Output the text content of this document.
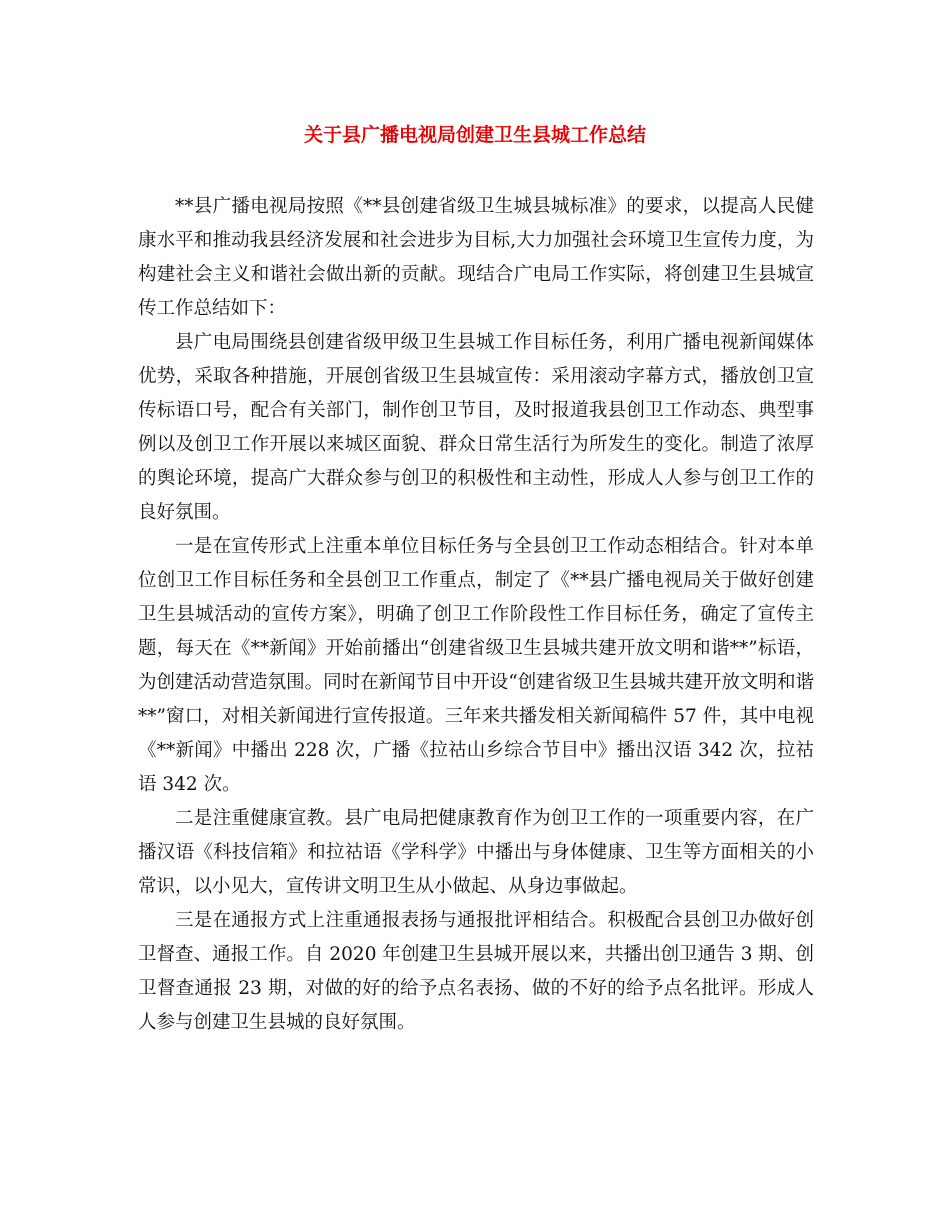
关于县广播电视局创建卫生县城工作总结

**县广播电视局按照《**县创建省级卫生城县城标准》的要求，以提高人民健康水平和推动我县经济发展和社会进步为目标,大力加强社会环境卫生宣传力度，为构建社会主义和谐社会做出新的贡献。现结合广电局工作实际，将创建卫生县城宣传工作总结如下：

县广电局围绕县创建省级甲级卫生县城工作目标任务，利用广播电视新闻媒体优势，采取各种措施，开展创省级卫生县城宣传：采用滚动字幕方式，播放创卫宣传标语口号，配合有关部门，制作创卫节目，及时报道我县创卫工作动态、典型事例以及创卫工作开展以来城区面貌、群众日常生活行为所发生的变化。制造了浓厚的舆论环境，提高广大群众参与创卫的积极性和主动性，形成人人参与创卫工作的良好氛围。

一是在宣传形式上注重本单位目标任务与全县创卫工作动态相结合。针对本单位创卫工作目标任务和全县创卫工作重点，制定了《**县广播电视局关于做好创建卫生县城活动的宣传方案》，明确了创卫工作阶段性工作目标任务，确定了宣传主题，每天在《**新闻》开始前播出“创建省级卫生县城共建开放文明和谐**”标语，为创建活动营造氛围。同时在新闻节目中开设“创建省级卫生县城共建开放文明和谐**”窗口，对相关新闻进行宣传报道。三年来共播发相关新闻稿件 57 件，其中电视《**新闻》中播出 228 次，广播《拉祜山乡综合节目中》播出汉语 342 次，拉祜语 342 次。

二是注重健康宣教。县广电局把健康教育作为创卫工作的一项重要内容，在广播汉语《科技信箱》和拉祜语《学科学》中播出与身体健康、卫生等方面相关的小常识，以小见大，宣传讲文明卫生从小做起、从身边事做起。

三是在通报方式上注重通报表扬与通报批评相结合。积极配合县创卫办做好创卫督查、通报工作。自 2020 年创建卫生县城开展以来，共播出创卫通告 3 期、创卫督查通报 23 期，对做的好的给予点名表扬、做的不好的给予点名批评。形成人人参与创建卫生县城的良好氛围。
